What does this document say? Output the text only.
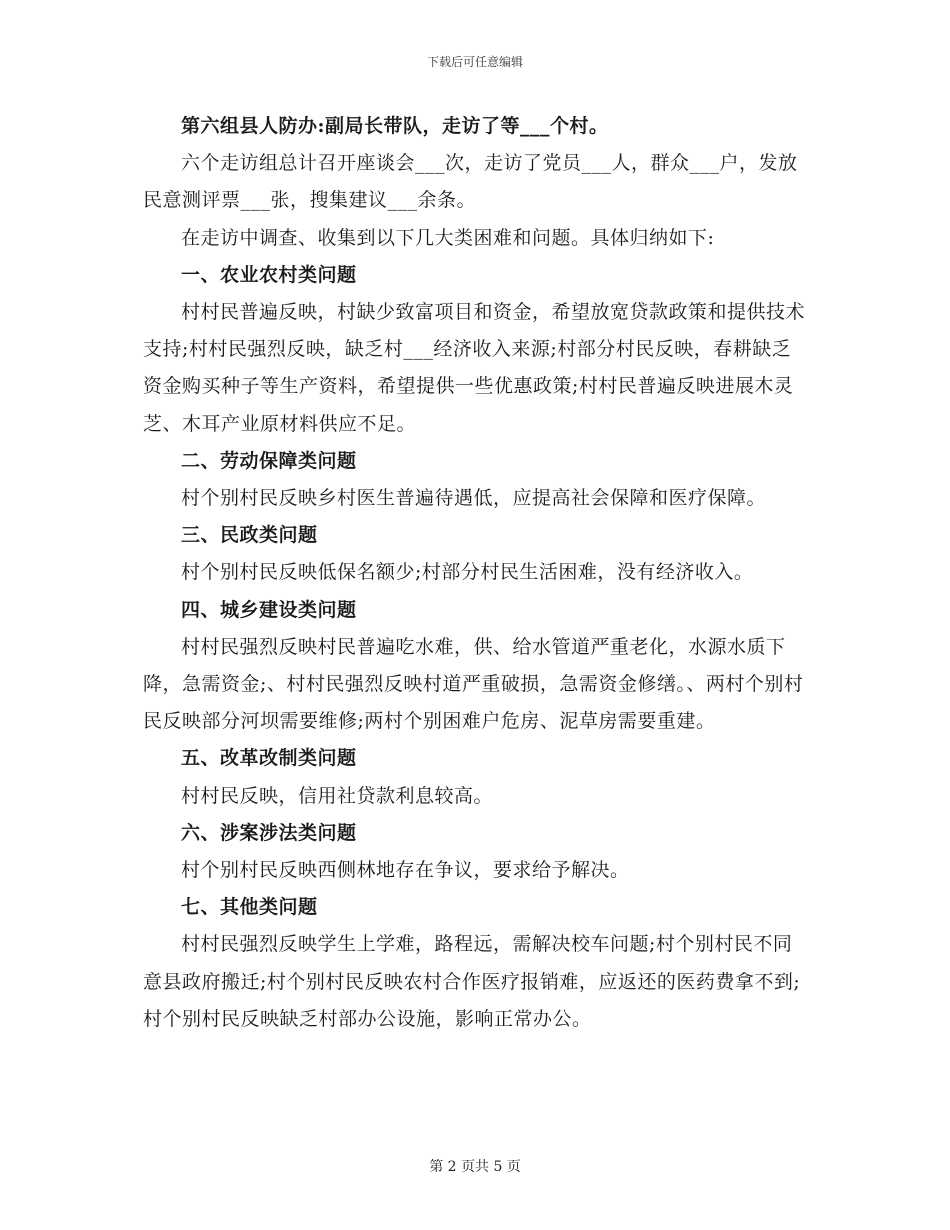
下载后可任意编辑

第六组县人防办:副局长带队，走访了等___个村。

六个走访组总计召开座谈会___次，走访了党员___人，群众___户，发放民意测评票___张，搜集建议___余条。

在走访中调查、收集到以下几大类困难和问题。具体归纳如下:

一、农业农村类问题

村村民普遍反映，村缺少致富项目和资金，希望放宽贷款政策和提供技术支持;村村民强烈反映，缺乏村___经济收入来源;村部分村民反映，春耕缺乏资金购买种子等生产资料，希望提供一些优惠政策;村村民普遍反映进展木灵芝、木耳产业原材料供应不足。

二、劳动保障类问题

村个别村民反映乡村医生普遍待遇低，应提高社会保障和医疗保障。

三、民政类问题

村个别村民反映低保名额少;村部分村民生活困难，没有经济收入。

四、城乡建设类问题

村村民强烈反映村民普遍吃水难，供、给水管道严重老化，水源水质下降，急需资金;、村村民强烈反映村道严重破损，急需资金修缮。、两村个别村民反映部分河坝需要维修;两村个别困难户危房、泥草房需要重建。

五、改革改制类问题

村村民反映，信用社贷款利息较高。

六、涉案涉法类问题

村个别村民反映西侧林地存在争议，要求给予解决。

七、其他类问题

村村民强烈反映学生上学难，路程远，需解决校车问题;村个别村民不同意县政府搬迁;村个别村民反映农村合作医疗报销难，应返还的医药费拿不到;村个别村民反映缺乏村部办公设施，影响正常办公。

第 2 页共 5 页
